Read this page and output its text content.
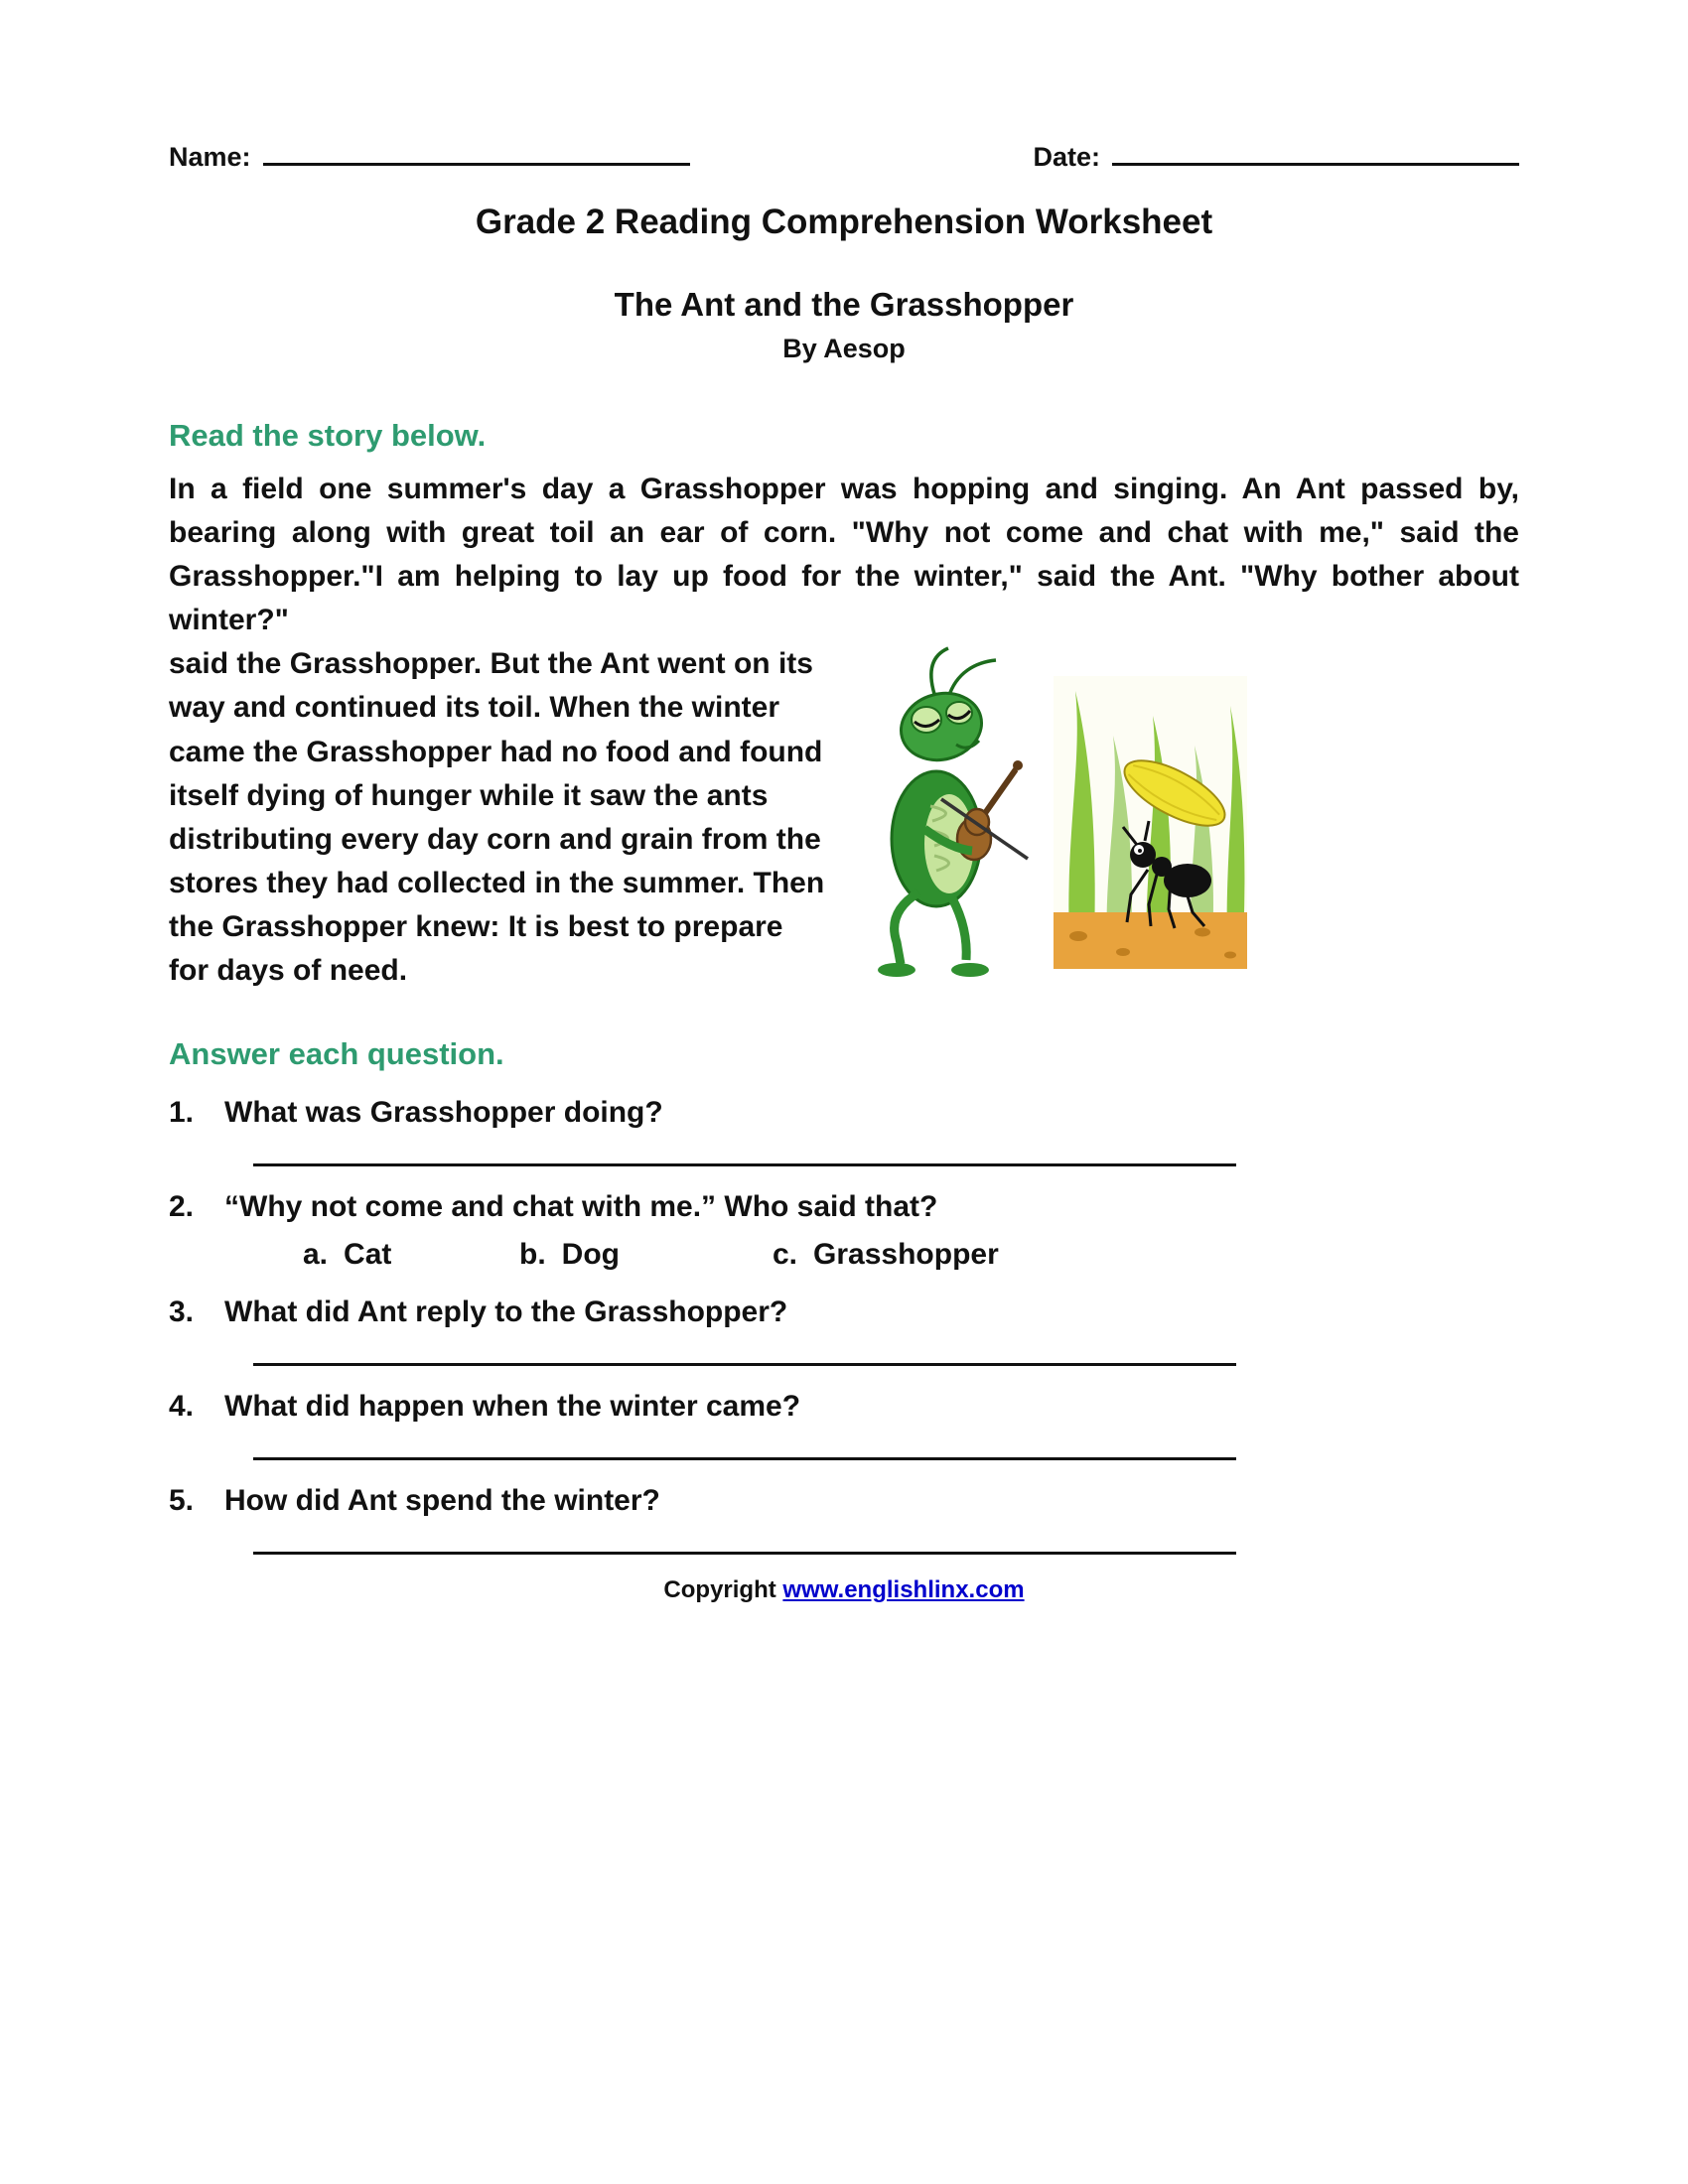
Name:	Date:
Grade 2 Reading Comprehension Worksheet
The Ant and the Grasshopper
By Aesop
Read the story below.
In a field one summer's day a Grasshopper was hopping and singing. An Ant passed by, bearing along with great toil an ear of corn. "Why not come and chat with me," said the Grasshopper."I am helping to lay up food for the winter," said the Ant. "Why bother about winter?"
said the Grasshopper. But the Ant went on its way and continued its toil. When the winter came the Grasshopper had no food and found itself dying of hunger while it saw the ants distributing every day corn and grain from the stores they had collected in the summer. Then the Grasshopper knew: It is best to prepare for days of need.
Answer each question.
1.	What was Grasshopper doing?
2.	“Why not come and chat with me.” Who said that?
a. Cat	b. Dog	c. Grasshopper
3.	What did Ant reply to the Grasshopper?
4.	What did happen when the winter came?
5.	How did Ant spend the winter?
Copyright www.englishlinx.com
